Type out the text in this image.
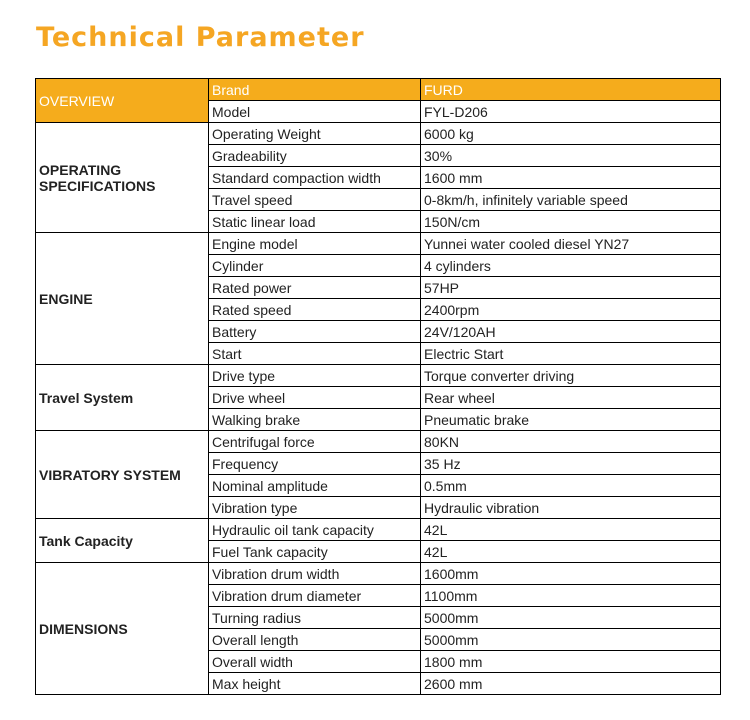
Technical Parameter
OVERVIEW	Brand	FURD
	Model	FYL-D206
OPERATING
SPECIFICATIONS	Operating Weight	6000 kg
	Gradeability	30%
	Standard compaction width	1600 mm
	Travel speed	0-8km/h, infinitely variable speed
	Static linear load	150N/cm
ENGINE	Engine model	Yunnei water cooled diesel YN27
	Cylinder	4 cylinders
	Rated power	57HP
	Rated speed	2400rpm
	Battery	24V/120AH
	Start	Electric Start
Travel System	Drive type	Torque converter driving
	Drive wheel	Rear wheel
	Walking brake	Pneumatic brake
VIBRATORY SYSTEM	Centrifugal force	80KN
	Frequency	35 Hz
	Nominal amplitude	0.5mm
	Vibration type	Hydraulic vibration
Tank Capacity	Hydraulic oil tank capacity	42L
	Fuel Tank capacity	42L
DIMENSIONS	Vibration drum width	1600mm
	Vibration drum diameter	1100mm
	Turning radius	5000mm
	Overall length	5000mm
	Overall width	1800 mm
	Max height	2600 mm
